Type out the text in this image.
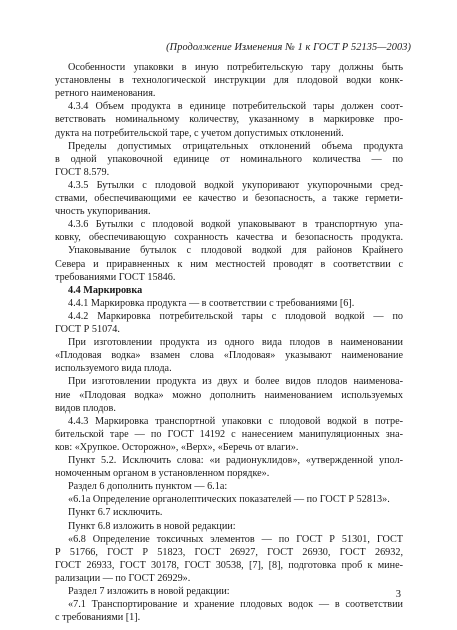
(Продолжение Изменения № 1 к ГОСТ Р 52135—2003)
Особенности упаковки в иную потребительскую тару должны быть
установлены в технологической инструкции для плодовой водки конк-
ретного наименования.
4.3.4 Объем продукта в единице потребительской тары должен соот-
ветствовать номинальному количеству, указанному в маркировке про-
дукта на потребительской таре, с учетом допустимых отклонений.
Пределы допустимых отрицательных отклонений объема продукта
в одной упаковочной единице от номинального количества — по
ГОСТ 8.579.
4.3.5 Бутылки с плодовой водкой укупоривают укупорочными сред-
ствами, обеспечивающими ее качество и безопасность, а также гермети-
чность укупоривания.
4.3.6 Бутылки с плодовой водкой упаковывают в транспортную упа-
ковку, обеспечивающую сохранность качества и безопасность продукта.
Упаковывание бутылок с плодовой водкой для районов Крайнего
Севера и приравненных к ним местностей проводят в соответствии с
требованиями ГОСТ 15846.
4.4 Маркировка
4.4.1 Маркировка продукта — в соответствии с требованиями [6].
4.4.2 Маркировка потребительской тары с плодовой водкой — по
ГОСТ Р 51074.
При изготовлении продукта из одного вида плодов в наименовании
«Плодовая водка» взамен слова «Плодовая» указывают наименование
используемого вида плода.
При изготовлении продукта из двух и более видов плодов наименова-
ние «Плодовая водка» можно дополнить наименованием используемых
видов плодов.
4.4.3 Маркировка транспортной упаковки с плодовой водкой в потре-
бительской таре — по ГОСТ 14192 с нанесением манипуляционных зна-
ков: «Хрупкое. Осторожно», «Верх», «Беречь от влаги».
Пункт 5.2. Исключить слова: «и радионуклидов», «утвержденной упол-
номоченным органом в установленном порядке».
Раздел 6 дополнить пунктом — 6.1а:
«6.1а Определение органолептических показателей — по ГОСТ Р 52813».
Пункт 6.7 исключить.
Пункт 6.8 изложить в новой редакции:
«6.8 Определение токсичных элементов — по ГОСТ Р 51301, ГОСТ
Р 51766, ГОСТ Р 51823, ГОСТ 26927, ГОСТ 26930, ГОСТ 26932,
ГОСТ 26933, ГОСТ 30178, ГОСТ 30538, [7], [8], подготовка проб к мине-
рализации — по ГОСТ 26929».
Раздел 7 изложить в новой редакции:
«7.1 Транспортирование и хранение плодовых водок — в соответствии
с требованиями [1].
3
